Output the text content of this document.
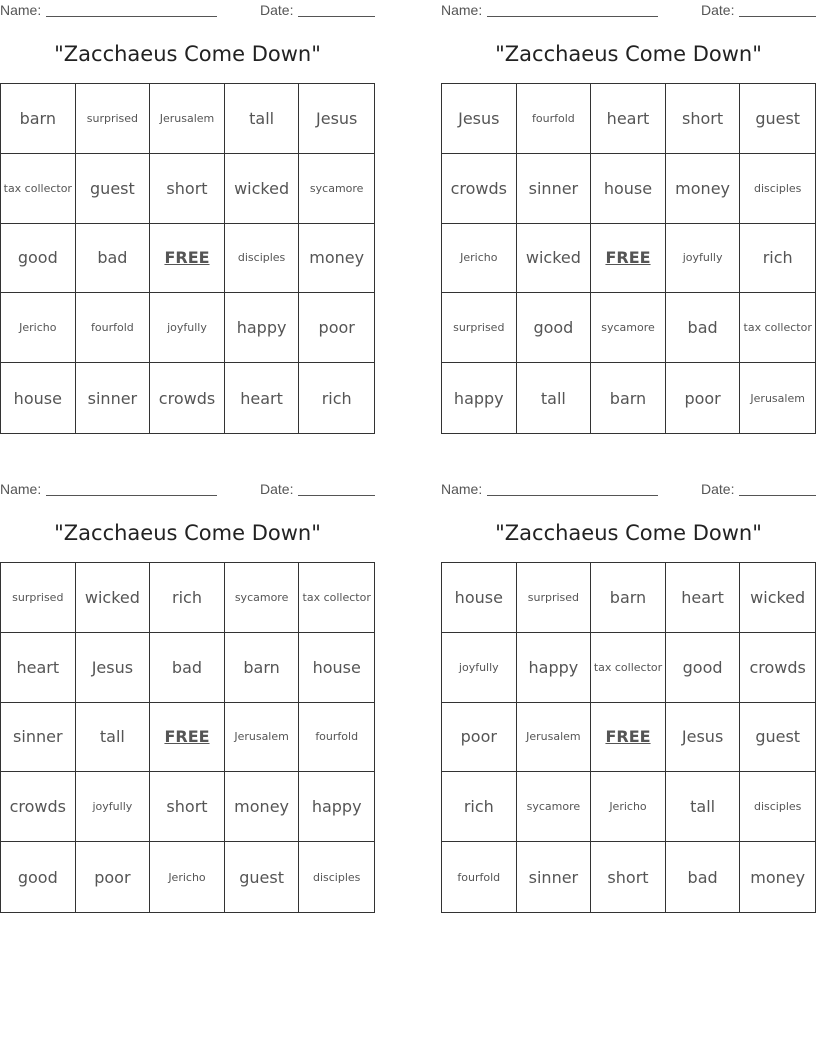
Name:	Date:
"Zacchaeus Come Down"
barn	surprised	Jerusalem	tall	Jesus
tax collector	guest	short	wicked	sycamore
good	bad	FREE	disciples	money
Jericho	fourfold	joyfully	happy	poor
house	sinner	crowds	heart	rich
Name:	Date:
"Zacchaeus Come Down"
Jesus	fourfold	heart	short	guest
crowds	sinner	house	money	disciples
Jericho	wicked	FREE	joyfully	rich
surprised	good	sycamore	bad	tax collector
happy	tall	barn	poor	Jerusalem
Name:	Date:
"Zacchaeus Come Down"
surprised	wicked	rich	sycamore	tax collector
heart	Jesus	bad	barn	house
sinner	tall	FREE	Jerusalem	fourfold
crowds	joyfully	short	money	happy
good	poor	Jericho	guest	disciples
Name:	Date:
"Zacchaeus Come Down"
house	surprised	barn	heart	wicked
joyfully	happy	tax collector	good	crowds
poor	Jerusalem	FREE	Jesus	guest
rich	sycamore	Jericho	tall	disciples
fourfold	sinner	short	bad	money
